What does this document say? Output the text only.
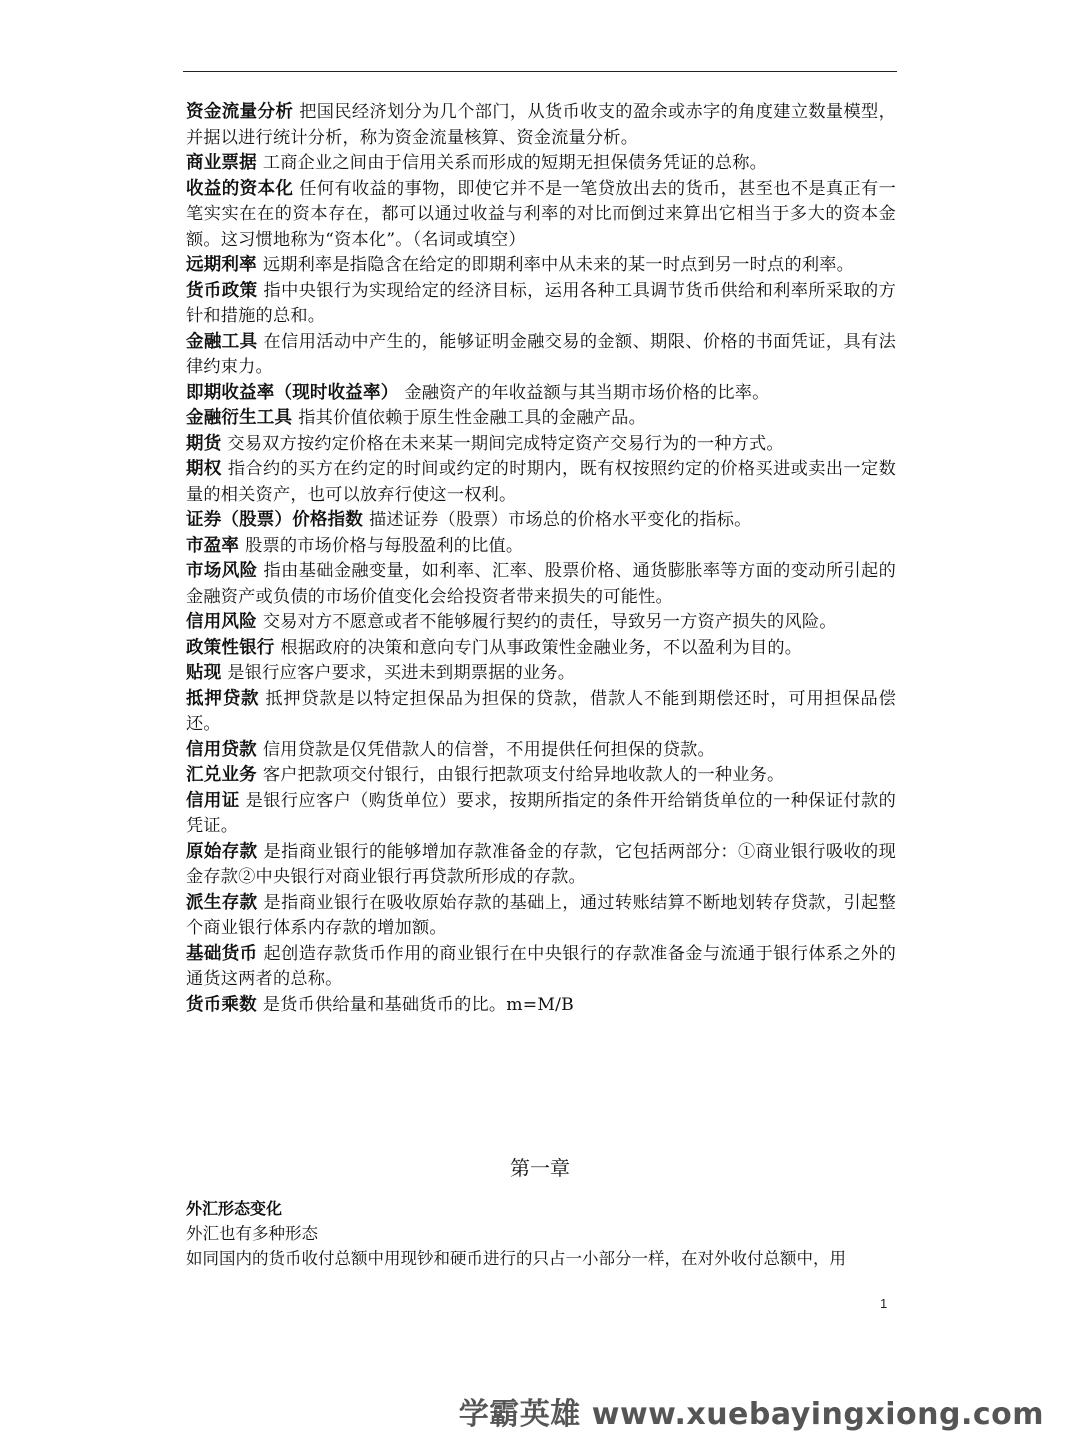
资金流量分析 把国民经济划分为几个部门，从货币收支的盈余或赤字的角度建立数量模型，并据以进行统计分析，称为资金流量核算、资金流量分析。

商业票据 工商企业之间由于信用关系而形成的短期无担保债务凭证的总称。

收益的资本化 任何有收益的事物，即使它并不是一笔贷放出去的货币，甚至也不是真正有一笔实实在在的资本存在，都可以通过收益与利率的对比而倒过来算出它相当于多大的资本金额。这习惯地称为“资本化”。（名词或填空）

远期利率 远期利率是指隐含在给定的即期利率中从未来的某一时点到另一时点的利率。

货币政策 指中央银行为实现给定的经济目标，运用各种工具调节货币供给和利率所采取的方针和措施的总和。

金融工具 在信用活动中产生的，能够证明金融交易的金额、期限、价格的书面凭证，具有法律约束力。

即期收益率（现时收益率） 金融资产的年收益额与其当期市场价格的比率。

金融衍生工具 指其价值依赖于原生性金融工具的金融产品。

期货 交易双方按约定价格在未来某一期间完成特定资产交易行为的一种方式。

期权 指合约的买方在约定的时间或约定的时期内，既有权按照约定的价格买进或卖出一定数量的相关资产，也可以放弃行使这一权利。

证券（股票）价格指数 描述证券（股票）市场总的价格水平变化的指标。

市盈率 股票的市场价格与每股盈利的比值。

市场风险 指由基础金融变量，如利率、汇率、股票价格、通货膨胀率等方面的变动所引起的金融资产或负债的市场价值变化会给投资者带来损失的可能性。

信用风险 交易对方不愿意或者不能够履行契约的责任，导致另一方资产损失的风险。

政策性银行 根据政府的决策和意向专门从事政策性金融业务，不以盈利为目的。

贴现 是银行应客户要求，买进未到期票据的业务。

抵押贷款 抵押贷款是以特定担保品为担保的贷款，借款人不能到期偿还时，可用担保品偿还。

信用贷款 信用贷款是仅凭借款人的信誉，不用提供任何担保的贷款。

汇兑业务 客户把款项交付银行，由银行把款项支付给异地收款人的一种业务。

信用证 是银行应客户（购货单位）要求，按期所指定的条件开给销货单位的一种保证付款的凭证。

原始存款 是指商业银行的能够增加存款准备金的存款，它包括两部分：①商业银行吸收的现金存款②中央银行对商业银行再贷款所形成的存款。

派生存款 是指商业银行在吸收原始存款的基础上，通过转账结算不断地划转存贷款，引起整个商业银行体系内存款的增加额。

基础货币 起创造存款货币作用的商业银行在中央银行的存款准备金与流通于银行体系之外的通货这两者的总称。

货币乘数 是货币供给量和基础货币的比。m=M/B

第一章
外汇形态变化
外汇也有多种形态
如同国内的货币收付总额中用现钞和硬币进行的只占一小部分一样，在对外收付总额中，用
1
学霸英雄 www.xuebayingxiong.com
